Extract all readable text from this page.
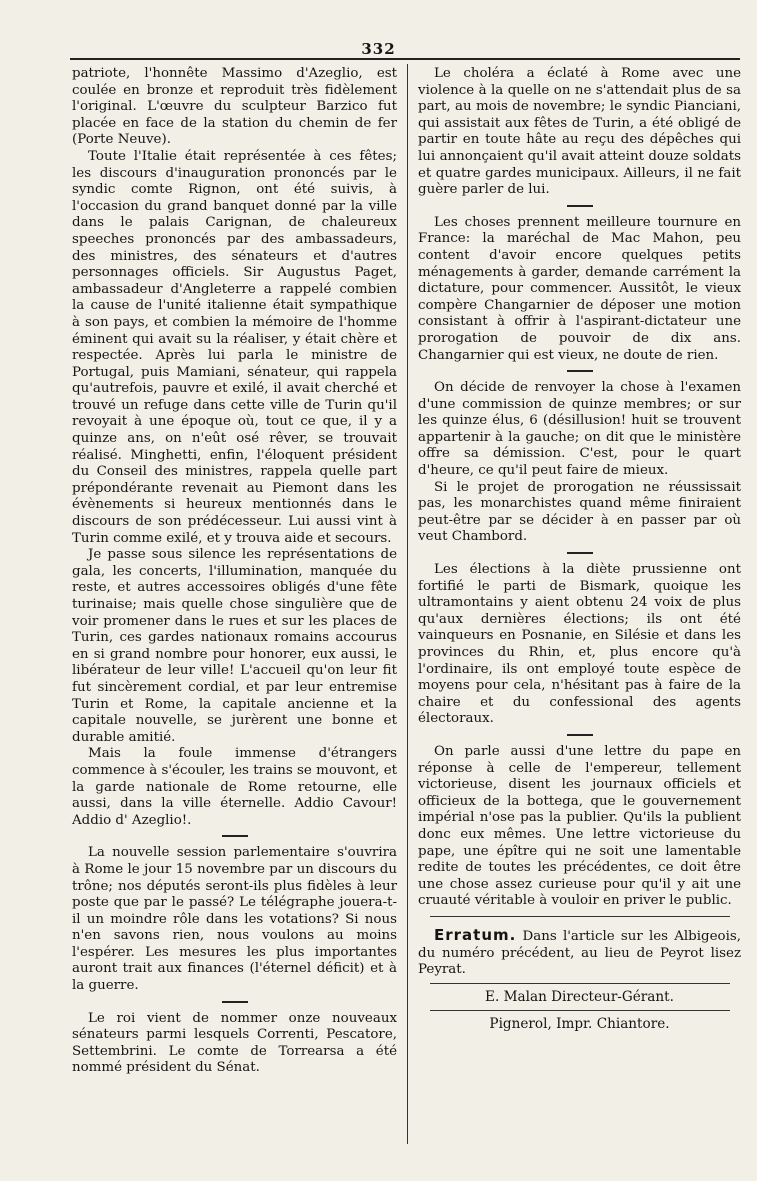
332

patriote, l'honnête Massimo d'Azeglio, est coulée en bronze et reproduit très fidèlement l'original. L'œuvre du sculpteur Barzico fut placée en face de la station du chemin de fer (Porte Neuve).

Toute l'Italie était représentée à ces fêtes; les discours d'inauguration prononcés par le syndic comte Rignon, ont été suivis, à l'occasion du grand banquet donné par la ville dans le palais Carignan, de chaleureux speeches prononcés par des ambassadeurs, des ministres, des sénateurs et d'autres personnages officiels. Sir Augustus Paget, ambassadeur d'Angleterre a rappelé combien la cause de l'unité italienne était sympathique à son pays, et combien la mémoire de l'homme éminent qui avait su la réaliser, y était chère et respectée. Après lui parla le ministre de Portugal, puis Mamiani, sénateur, qui rappela qu'autrefois, pauvre et exilé, il avait cherché et trouvé un refuge dans cette ville de Turin qu'il revoyait à une époque où, tout ce que, il y a quinze ans, on n'eût osé rêver, se trouvait réalisé. Minghetti, enfin, l'éloquent président du Conseil des ministres, rappela quelle part prépondérante revenait au Piemont dans les évènements si heureux mentionnés dans le discours de son prédécesseur. Lui aussi vint à Turin comme exilé, et y trouva aide et secours.

Je passe sous silence les représentations de gala, les concerts, l'illumination, manquée du reste, et autres accessoires obligés d'une fête turinaise; mais quelle chose singulière que de voir promener dans le rues et sur les places de Turin, ces gardes nationaux romains accourus en si grand nombre pour honorer, eux aussi, le libérateur de leur ville! L'accueil qu'on leur fit fut sincèrement cordial, et par leur entremise Turin et Rome, la capitale ancienne et la capitale nouvelle, se jurèrent une bonne et durable amitié.

Mais la foule immense d'étrangers commence à s'écouler, les trains se mouvont, et la garde nationale de Rome retourne, elle aussi, dans la ville éternelle. Addio Cavour! Addio d' Azeglio!.

La nouvelle session parlementaire s'ouvrira à Rome le jour 15 novembre par un discours du trône; nos députés seront-ils plus fidèles à leur poste que par le passé? Le télégraphe jouera-t-il un moindre rôle dans les votations? Si nous n'en savons rien, nous voulons au moins l'espérer. Les mesures les plus importantes auront trait aux finances (l'éternel déficit) et à la guerre.

Le roi vient de nommer onze nouveaux sénateurs parmi lesquels Correnti, Pescatore, Settembrini. Le comte de Torrearsa a été nommé président du Sénat.

Le choléra a éclaté à Rome avec une violence à la quelle on ne s'attendait plus de sa part, au mois de novembre; le syndic Pianciani, qui assistait aux fêtes de Turin, a été obligé de partir en toute hâte au reçu des dépêches qui lui annonçaient qu'il avait atteint douze soldats et quatre gardes municipaux. Ailleurs, il ne fait guère parler de lui.

Les choses prennent meilleure tournure en France: la maréchal de Mac Mahon, peu content d'avoir encore quelques petits ménagements à garder, demande carrément la dictature, pour commencer. Aussitôt, le vieux compère Changarnier de déposer une motion consistant à offrir à l'aspirant-dictateur une prorogation de pouvoir de dix ans. Changarnier qui est vieux, ne doute de rien.

On décide de renvoyer la chose à l'examen d'une commission de quinze membres; or sur les quinze élus, 6 (désillusion! huit se trouvent appartenir à la gauche; on dit que le ministère offre sa démission. C'est, pour le quart d'heure, ce qu'il peut faire de mieux.

Si le projet de prorogation ne réussissait pas, les monarchistes quand même finiraient peut-être par se décider à en passer par où veut Chambord.

Les élections à la diète prussienne ont fortifié le parti de Bismark, quoique les ultramontains y aient obtenu 24 voix de plus qu'aux dernières élections; ils ont été vainqueurs en Posnanie, en Silésie et dans les provinces du Rhin, et, plus encore qu'à l'ordinaire, ils ont employé toute espèce de moyens pour cela, n'hésitant pas à faire de la chaire et du confessional des agents électoraux.

On parle aussi d'une lettre du pape en réponse à celle de l'empereur, tellement victorieuse, disent les journaux officiels et officieux de la bottega, que le gouvernement impérial n'ose pas la publier. Qu'ils la publient donc eux mêmes. Une lettre victorieuse du pape, une épître qui ne soit une lamentable redite de toutes les précédentes, ce doit être une chose assez curieuse pour qu'il y ait une cruauté véritable à vouloir en priver le public.

Erratum. Dans l'article sur les Albigeois, du numéro précédent, au lieu de Peyrot lisez Peyrat.

E. Malan Directeur-Gérant.
Pignerol, Impr. Chiantore.
